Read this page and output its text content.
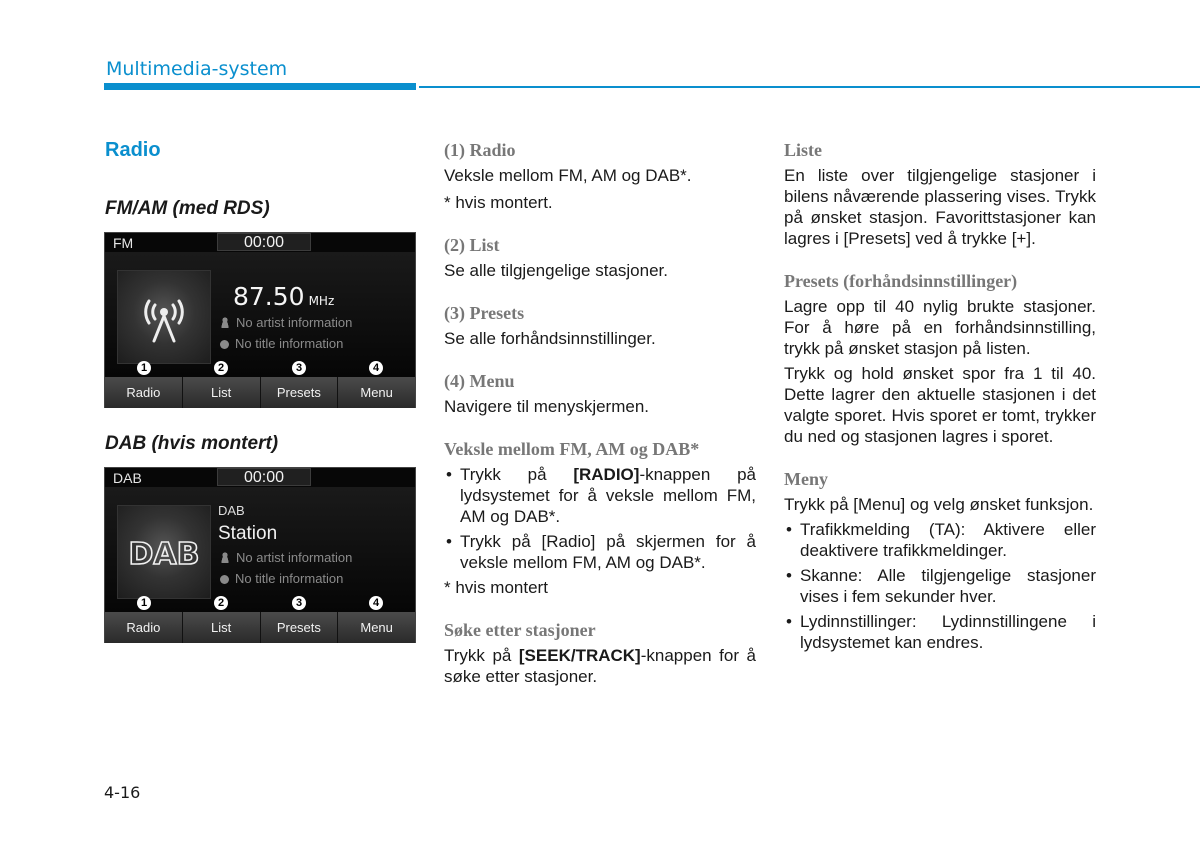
Multimedia-system
Radio
FM/AM (med RDS)
FM	00:00
87.50 MHz
No artist information
No title information
1	2	3	4
Radio	List	Presets	Menu
DAB (hvis montert)
DAB	00:00
DAB
DAB
Station
No artist information
No title information
1	2	3	4
Radio	List	Presets	Menu

(1) Radio

Veksle mellom FM, AM og DAB*.

* hvis montert.

(2) List

Se alle tilgjengelige stasjoner.

(3) Presets

Se alle forhåndsinnstillinger.

(4) Menu

Navigere til menyskjermen.

Veksle mellom FM, AM og DAB*

• Trykk på [RADIO]-knappen på lydsystemet for å veksle mellom FM, AM og DAB*.
• Trykk på [Radio] på skjermen for å veksle mellom FM, AM og DAB*.

* hvis montert

Søke etter stasjoner

Trykk på [SEEK/TRACK]-knappen for å søke etter stasjoner.

Liste

En liste over tilgjengelige stasjoner i bilens nåværende plassering vises. Trykk på ønsket stasjon. Favorittstasjoner kan lagres i [Presets] ved å trykke [+].

Presets (forhåndsinnstillinger)

Lagre opp til 40 nylig brukte stasjoner. For å høre på en forhåndsinnstilling, trykk på ønsket stasjon på listen.

Trykk og hold ønsket spor fra 1 til 40. Dette lagrer den aktuelle stasjonen i det valgte sporet. Hvis sporet er tomt, trykker du ned og stasjonen lagres i sporet.

Meny

Trykk på [Menu] og velg ønsket funksjon.

• Trafikkmelding (TA): Aktivere eller deaktivere trafikkmeldinger.
• Skanne: Alle tilgjengelige stasjoner vises i fem sekunder hver.
• Lydinnstillinger: Lydinnstillingene i lydsystemet kan endres.
4-16
